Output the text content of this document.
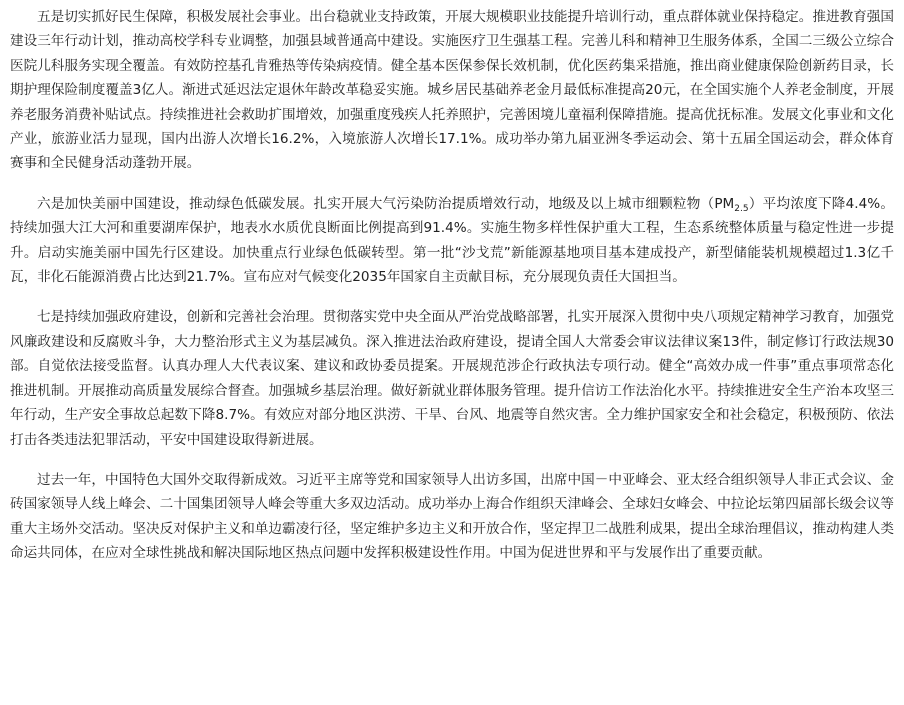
五是切实抓好民生保障，积极发展社会事业。出台稳就业支持政策，开展大规模职业技能提升培训行动，重点群体就业保持稳定。推进教育强国建设三年行动计划，推动高校学科专业调整，加强县域普通高中建设。实施医疗卫生强基工程。完善儿科和精神卫生服务体系，全国二三级公立综合医院儿科服务实现全覆盖。有效防控基孔肯雅热等传染病疫情。健全基本医保参保长效机制，优化医药集采措施，推出商业健康保险创新药目录，长期护理保险制度覆盖3亿人。渐进式延迟法定退休年龄改革稳妥实施。城乡居民基础养老金月最低标准提高20元，在全国实施个人养老金制度，开展养老服务消费补贴试点。持续推进社会救助扩围增效，加强重度残疾人托养照护，完善困境儿童福利保障措施。提高优抚标准。发展文化事业和文化产业，旅游业活力显现，国内出游人次增长16.2%，入境旅游人次增长17.1%。成功举办第九届亚洲冬季运动会、第十五届全国运动会，群众体育赛事和全民健身活动蓬勃开展。

六是加快美丽中国建设，推动绿色低碳发展。扎实开展大气污染防治提质增效行动，地级及以上城市细颗粒物$(PM_{2.5})$平均浓度下降4.4%。持续加强大江大河和重要湖库保护，地表水水质优良断面比例提高到91.4%。实施生物多样性保护重大工程，生态系统整体质量与稳定性进一步提升。启动实施美丽中国先行区建设。加快重点行业绿色低碳转型。第一批“沙戈荒”新能源基地项目基本建成投产，新型储能装机规模超过1.3亿千瓦，非化石能源消费占比达到21.7%。宣布应对气候变化2035年国家自主贡献目标，充分展现负责任大国担当。

七是持续加强政府建设，创新和完善社会治理。贯彻落实党中央全面从严治党战略部署，扎实开展深入贯彻中央八项规定精神学习教育，加强党风廉政建设和反腐败斗争，大力整治形式主义为基层减负。深入推进法治政府建设，提请全国人大常委会审议法律议案13件，制定修订行政法规30部。自觉依法接受监督。认真办理人大代表议案、建议和政协委员提案。开展规范涉企行政执法专项行动。健全“高效办成一件事”重点事项常态化推进机制。开展推动高质量发展综合督查。加强城乡基层治理。做好新就业群体服务管理。提升信访工作法治化水平。持续推进安全生产治本攻坚三年行动，生产安全事故总起数下降8.7%。有效应对部分地区洪涝、干旱、台风、地震等自然灾害。全力维护国家安全和社会稳定，积极预防、依法打击各类违法犯罪活动，平安中国建设取得新进展。

过去一年，中国特色大国外交取得新成效。习近平主席等党和国家领导人出访多国，出席中国－中亚峰会、亚太经合组织领导人非正式会议、金砖国家领导人线上峰会、二十国集团领导人峰会等重大多双边活动。成功举办上海合作组织天津峰会、全球妇女峰会、中拉论坛第四届部长级会议等重大主场外交活动。坚决反对保护主义和单边霸凌行径，坚定维护多边主义和开放合作，坚定捍卫二战胜利成果，提出全球治理倡议，推动构建人类命运共同体，在应对全球性挑战和解决国际地区热点问题中发挥积极建设性作用。中国为促进世界和平与发展作出了重要贡献。
